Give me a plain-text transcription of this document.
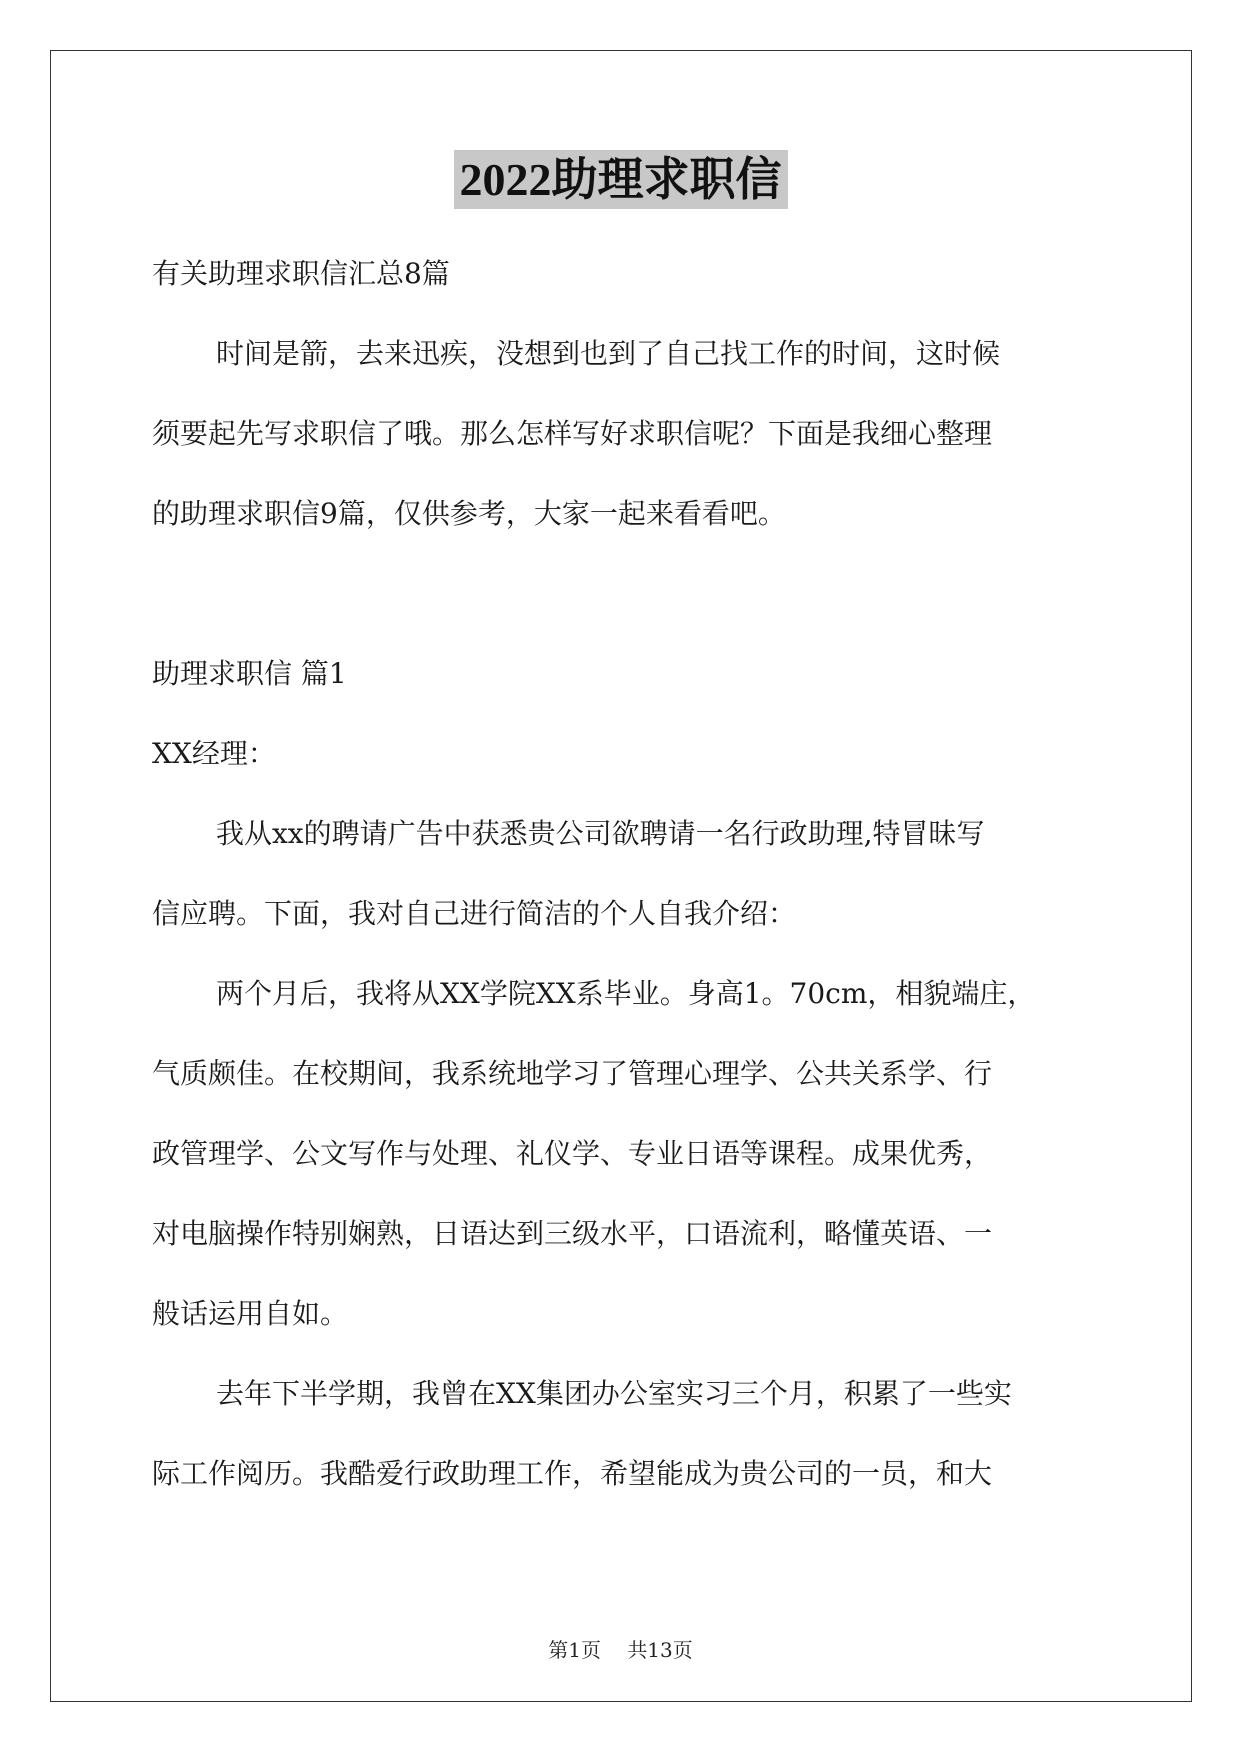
2022助理求职信

有关助理求职信汇总8篇

时间是箭，去来迅疾，没想到也到了自己找工作的时间，这时候

须要起先写求职信了哦。那么怎样写好求职信呢？下面是我细心整理

的助理求职信9篇，仅供参考，大家一起来看看吧。

助理求职信 篇1

XX经理：

我从xx的聘请广告中获悉贵公司欲聘请一名行政助理,特冒昧写

信应聘。下面，我对自己进行简洁的个人自我介绍：

两个月后，我将从XX学院XX系毕业。身高1。70cm，相貌端庄，

气质颇佳。在校期间，我系统地学习了管理心理学、公共关系学、行

政管理学、公文写作与处理、礼仪学、专业日语等课程。成果优秀，

对电脑操作特别娴熟，日语达到三级水平，口语流利，略懂英语、一

般话运用自如。

去年下半学期，我曾在XX集团办公室实习三个月，积累了一些实

际工作阅历。我酷爱行政助理工作，希望能成为贵公司的一员，和大

第1页 共13页
